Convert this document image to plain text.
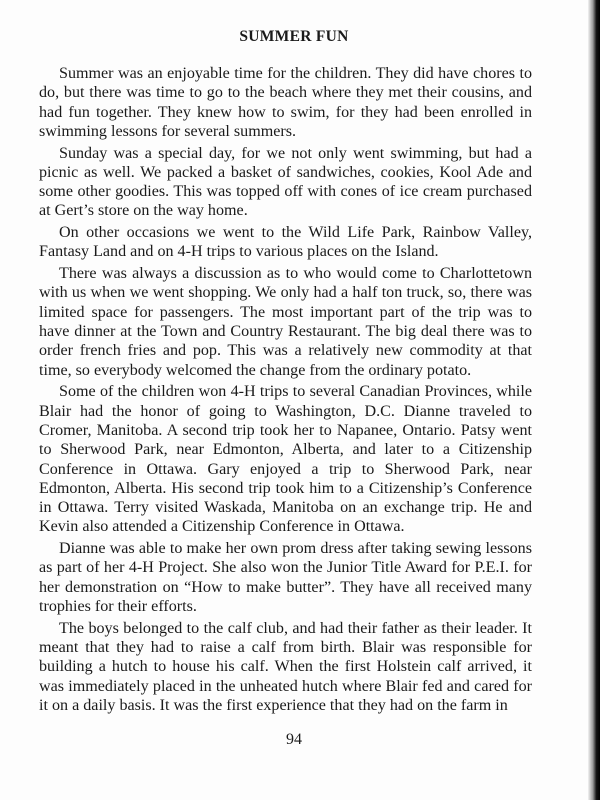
SUMMER FUN

Summer was an enjoyable time for the children. They did have chores to do, but there was time to go to the beach where they met their cousins, and had fun together. They knew how to swim, for they had been enrolled in swimming lessons for several summers.

Sunday was a special day, for we not only went swimming, but had a picnic as well. We packed a basket of sandwiches, cookies, Kool Ade and some other goodies. This was topped off with cones of ice cream purchased at Gert’s store on the way home.

On other occasions we went to the Wild Life Park, Rainbow Valley, Fantasy Land and on 4-H trips to various places on the Island.

There was always a discussion as to who would come to Charlottetown with us when we went shopping. We only had a half ton truck, so, there was limited space for passengers. The most important part of the trip was to have dinner at the Town and Country Restaurant. The big deal there was to order french fries and pop. This was a relatively new commodity at that time, so everybody welcomed the change from the ordinary potato.

Some of the children won 4-H trips to several Canadian Provinces, while Blair had the honor of going to Washington, D.C. Dianne traveled to Cromer, Manitoba. A second trip took her to Napanee, Ontario. Patsy went to Sherwood Park, near Edmonton, Alberta, and later to a Citizenship Conference in Ottawa. Gary enjoyed a trip to Sherwood Park, near Edmonton, Alberta. His second trip took him to a Citizenship’s Conference in Ottawa. Terry visited Waskada, Manitoba on an exchange trip. He and Kevin also attended a Citizenship Conference in Ottawa.

Dianne was able to make her own prom dress after taking sewing lessons as part of her 4-H Project. She also won the Junior Title Award for P.E.I. for her demonstration on “How to make butter”. They have all received many trophies for their efforts.

The boys belonged to the calf club, and had their father as their leader. It meant that they had to raise a calf from birth. Blair was responsible for building a hutch to house his calf. When the first Holstein calf arrived, it was immediately placed in the unheated hutch where Blair fed and cared for it on a daily basis. It was the first experience that they had on the farm in

94
